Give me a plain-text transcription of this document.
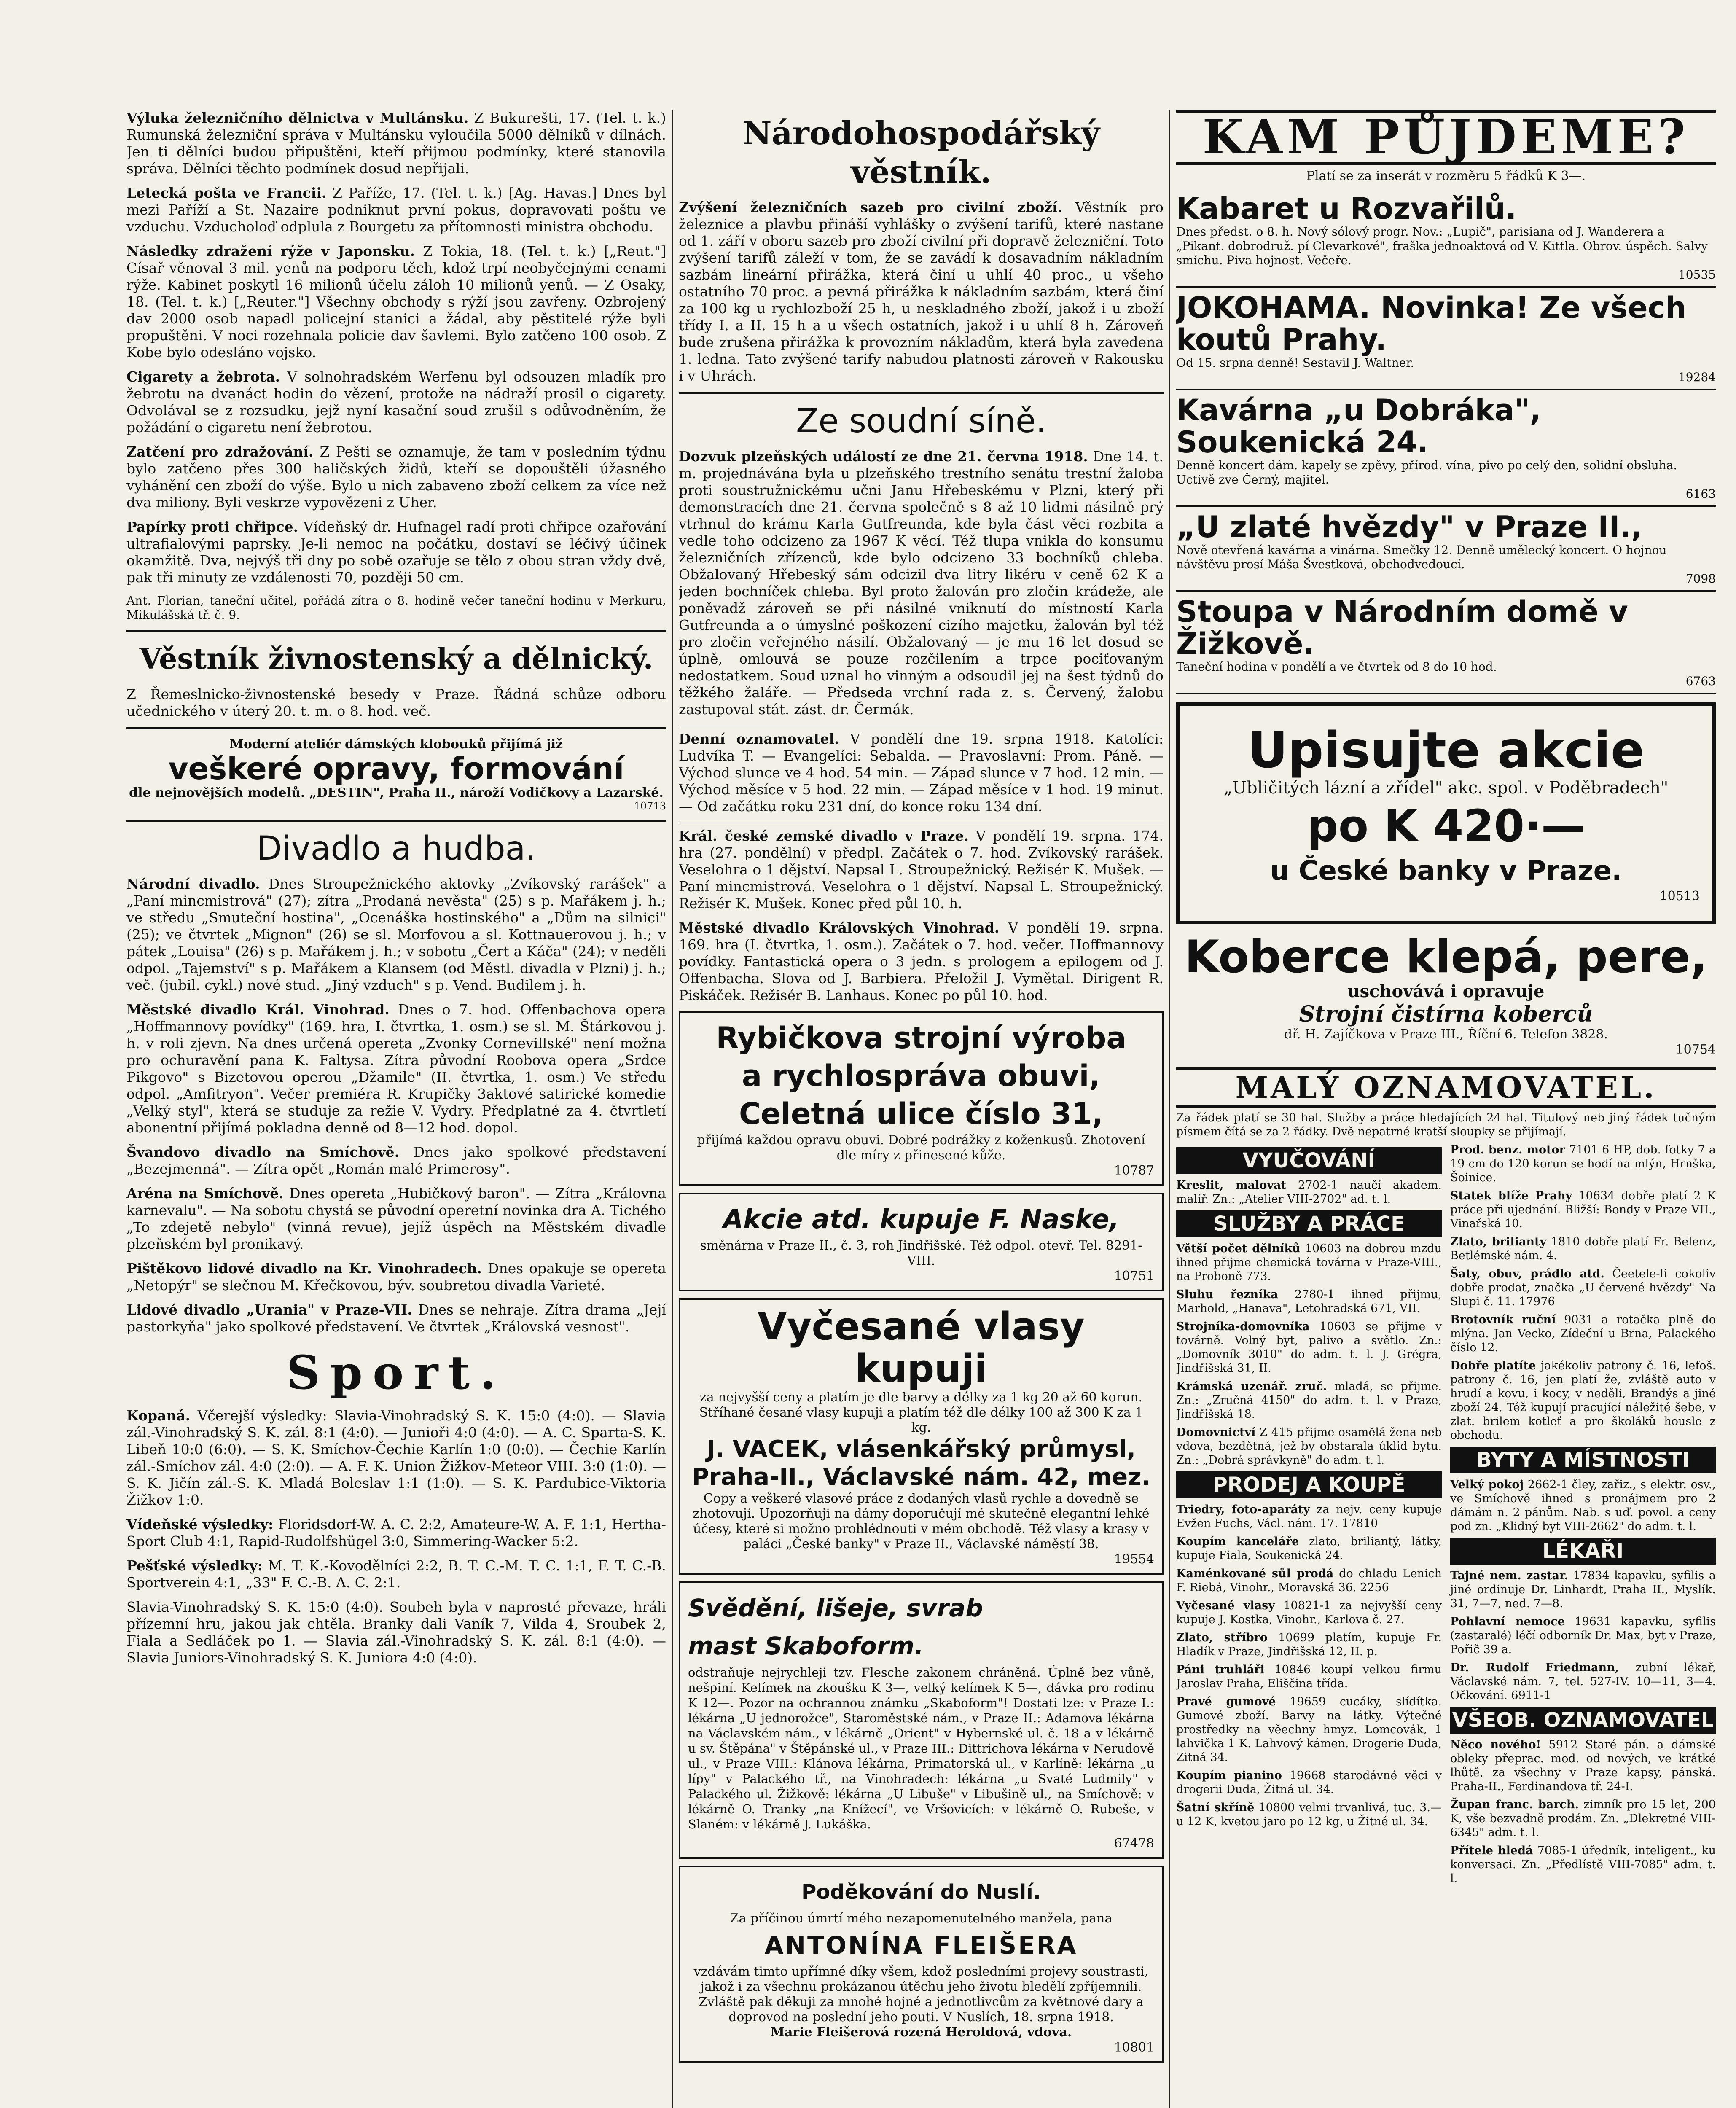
Výluka železničního dělnictva v Multánsku. Z Bukurešti, 17. (Tel. t. k.) Rumunská železniční správa v Multánsku vyloučila 5000 dělníků v dílnách. Jen ti dělníci budou připuštěni, kteří přijmou podmínky, které stanovila správa. Dělníci těchto podmínek dosud nepřijali.

Letecká pošta ve Francii. Z Paříže, 17. (Tel. t. k.) [Ag. Havas.] Dnes byl mezi Paříží a St. Nazaire podniknut první pokus, dopravovati poštu ve vzduchu. Vzducholoď odplula z Bourgetu za přítomnosti ministra obchodu.

Následky zdražení rýže v Japonsku. Z Tokia, 18. (Tel. t. k.) [„Reut."] Císař věnoval 3 mil. yenů na podporu těch, kdož trpí neobyčejnými cenami rýže. Kabinet poskytl 16 milionů účelu záloh 10 milionů yenů. — Z Osaky, 18. (Tel. t. k.) [„Reuter."] Všechny obchody s rýží jsou zavřeny. Ozbrojený dav 2000 osob napadl policejní stanici a žádal, aby pěstitelé rýže byli propuštěni. V noci rozehnala policie dav šavlemi. Bylo zatčeno 100 osob. Z Kobe bylo odesláno vojsko.

Cigarety a žebrota. V solnohradském Werfenu byl odsouzen mladík pro žebrotu na dvanáct hodin do vězení, protože na nádraží prosil o cigarety. Odvolával se z rozsudku, jejž nyní kasační soud zrušil s odůvodněním, že požádání o cigaretu není žebrotou.

Zatčení pro zdražování. Z Pešti se oznamuje, že tam v posledním týdnu bylo zatčeno přes 300 haličských židů, kteří se dopouštěli úžasného vyhánění cen zboží do výše. Bylo u nich zabaveno zboží celkem za více než dva miliony. Byli veskrze vypovězeni z Uher.

Papírky proti chřipce. Vídeňský dr. Hufnagel radí proti chřipce ozařování ultrafialovými paprsky. Je-li nemoc na počátku, dostaví se léčivý účinek okamžitě. Dva, nejvýš tři dny po sobě ozařuje se tělo z obou stran vždy dvě, pak tři minuty ze vzdálenosti 70, později 50 cm.

Ant. Florian, taneční učitel, pořádá zítra o 8. hodině večer taneční hodinu v Merkuru, Mikulášská tř. č. 9.

Věstník živnostenský a dělnický.

Z Řemeslnicko-živnostenské besedy v Praze. Řádná schůze odboru učednického v úterý 20. t. m. o 8. hod. več.

Moderní ateliér dámských klobouků přijímá již
veškeré opravy, formování
dle nejnovějších modelů. „DESTIN", Praha II., nároží Vodičkovy a Lazarské.
10713
Divadlo a hudba.

Národní divadlo. Dnes Stroupežnického aktovky „Zvíkovský rarášek" a „Paní mincmistrová" (27); zítra „Prodaná nevěsta" (25) s p. Mařákem j. h.; ve středu „Smuteční hostina", „Ocenáška hostinského" a „Dům na silnici" (25); ve čtvrtek „Mignon" (26) se sl. Morfovou a sl. Kottnauerovou j. h.; v pátek „Louisa" (26) s p. Mařákem j. h.; v sobotu „Čert a Káča" (24); v neděli odpol. „Tajemství" s p. Mařákem a Klansem (od Městl. divadla v Plzni) j. h.; več. (jubil. cykl.) nové stud. „Jiný vzduch" s p. Vend. Budilem j. h.

Městské divadlo Král. Vinohrad. Dnes o 7. hod. Offenbachova opera „Hoffmannovy povídky" (169. hra, I. čtvrtka, 1. osm.) se sl. M. Štárkovou j. h. v roli zjevn. Na dnes určená opereta „Zvonky Cornevillské" není možna pro ochuravění pana K. Faltysa. Zítra původní Roobova opera „Srdce Pikgovo" s Bizetovou operou „Džamile" (II. čtvrtka, 1. osm.) Ve středu odpol. „Amfitryon". Večer premiéra R. Krupičky 3aktové satirické komedie „Velký styl", která se studuje za režie V. Vydry. Předplatné za 4. čtvrtletí abonentní přijímá pokladna denně od 8—12 hod. dopol.

Švandovo divadlo na Smíchově. Dnes jako spolkové představení „Bezejmenná". — Zítra opět „Román malé Primerosy".

Aréna na Smíchově. Dnes opereta „Hubičkový baron". — Zítra „Královna karnevalu". — Na sobotu chystá se původní operetní novinka dra A. Tichého „To zdejetě nebylo" (vinná revue), jejíž úspěch na Městském divadle plzeňském byl pronikavý.

Pištěkovo lidové divadlo na Kr. Vinohradech. Dnes opakuje se opereta „Netopýr" se slečnou M. Křečkovou, býv. soubretou divadla Varieté.

Lidové divadlo „Urania" v Praze-VII. Dnes se nehraje. Zítra drama „Její pastorkyňa" jako spolkové představení. Ve čtvrtek „Královská vesnost".

Sport.

Kopaná. Včerejší výsledky: Slavia-Vinohradský S. K. 15:0 (4:0). — Slavia zál.-Vinohradský S. K. zál. 8:1 (4:0). — Junioři 4:0 (4:0). — A. C. Sparta-S. K. Libeň 10:0 (6:0). — S. K. Smíchov-Čechie Karlín 1:0 (0:0). — Čechie Karlín zál.-Smíchov zál. 4:0 (2:0). — A. F. K. Union Žižkov-Meteor VIII. 3:0 (1:0). — S. K. Jičín zál.-S. K. Mladá Boleslav 1:1 (1:0). — S. K. Pardubice-Viktoria Žižkov 1:0.

Vídeňské výsledky: Floridsdorf-W. A. C. 2:2, Amateure-W. A. F. 1:1, Hertha-Sport Club 4:1, Rapid-Rudolfshügel 3:0, Simmering-Wacker 5:2.

Pešťské výsledky: M. T. K.-Kovodělníci 2:2, B. T. C.-M. T. C. 1:1, F. T. C.-B. Sportverein 4:1, „33" F. C.-B. A. C. 2:1.

Slavia-Vinohradský S. K. 15:0 (4:0). Soubeh byla v naprosté převaze, hráli přízemní hru, jakou jak chtěla. Branky dali Vaník 7, Vilda 4, Sroubek 2, Fiala a Sedláček po 1. — Slavia zál.-Vinohradský S. K. zál. 8:1 (4:0). — Slavia Juniors-Vinohradský S. K. Juniora 4:0 (4:0).

Národohospodářský věstník.

Zvýšení železničních sazeb pro civilní zboží. Věstník pro železnice a plavbu přináší vyhlášky o zvýšení tarifů, které nastane od 1. září v oboru sazeb pro zboží civilní při dopravě železniční. Toto zvýšení tarifů záleží v tom, že se zavádí k dosavadním nákladním sazbám lineární přirážka, která činí u uhlí 40 proc., u všeho ostatního 70 proc. a pevná přirážka k nákladním sazbám, která činí za 100 kg u rychlozboží 25 h, u neskladného zboží, jakož i u zboží třídy I. a II. 15 h a u všech ostatních, jakož i u uhlí 8 h. Zároveň bude zrušena přirážka k provozním nákladům, která byla zavedena 1. ledna. Tato zvýšené tarify nabudou platnosti zároveň v Rakousku i v Uhrách.

Ze soudní síně.

Dozvuk plzeňských událostí ze dne 21. června 1918. Dne 14. t. m. projednávána byla u plzeňského trestního senátu trestní žaloba proti soustružnickému učni Janu Hřebeskému v Plzni, který při demonstracích dne 21. června společně s 8 až 10 lidmi násilně prý vtrhnul do krámu Karla Gutfreunda, kde byla část věci rozbita a vedle toho odcizeno za 1967 K věcí. Též tlupa vnikla do konsumu železničních zřízenců, kde bylo odcizeno 33 bochníků chleba. Obžalovaný Hřebeský sám odcizil dva litry likéru v ceně 62 K a jeden bochníček chleba. Byl proto žalován pro zločin krádeže, ale poněvadž zároveň se při násilné vniknutí do místností Karla Gutfreunda a o úmyslné poškození cizího majetku, žalován byl též pro zločin veřejného násilí. Obžalovaný — je mu 16 let dosud se úplně, omlouvá se pouze rozčilením a trpce pociťovaným nedostatkem. Soud uznal ho vinným a odsoudil jej na šest týdnů do těžkého žaláře. — Předseda vrchní rada z. s. Červený, žalobu zastupoval stát. zást. dr. Čermák.

Denní oznamovatel. V pondělí dne 19. srpna 1918. Katolíci: Ludvíka T. — Evangelíci: Sebalda. — Pravoslavní: Prom. Páně. — Východ slunce ve 4 hod. 54 min. — Západ slunce v 7 hod. 12 min. — Východ měsíce v 5 hod. 22 min. — Západ měsíce v 1 hod. 19 minut. — Od začátku roku 231 dní, do konce roku 134 dní.

Král. české zemské divadlo v Praze. V pondělí 19. srpna. 174. hra (27. pondělní) v předpl. Začátek o 7. hod. Zvíkovský rarášek. Veselohra o 1 dějství. Napsal L. Stroupežnický. Režisér K. Mušek. — Paní mincmistrová. Veselohra o 1 dějství. Napsal L. Stroupežnický. Režisér K. Mušek. Konec před půl 10. h.

Městské divadlo Královských Vinohrad. V pondělí 19. srpna. 169. hra (I. čtvrtka, 1. osm.). Začátek o 7. hod. večer. Hoffmannovy povídky. Fantastická opera o 3 jedn. s prologem a epilogem od J. Offenbacha. Slova od J. Barbiera. Přeložil J. Vymětal. Dirigent R. Piskáček. Režisér B. Lanhaus. Konec po půl 10. hod.

Rybičkova strojní výroba
a rychlospráva obuvi, Celetná ulice číslo 31,
přijímá každou opravu obuvi. Dobré podrážky z koženkusů. Zhotovení dle míry z přinesené kůže.
10787
Akcie atd. kupuje F. Naske,
směnárna v Praze II., č. 3, roh Jindřišské. Též odpol. otevř. Tel. 8291-VIII.
10751
Vyčesané vlasy kupuji
za nejvyšší ceny a platím je dle barvy a délky za 1 kg 20 až 60 korun. Stříhané česané vlasy kupuji a platím též dle délky 100 až 300 K za 1 kg.
J. VACEK, vlásenkářský průmysl, Praha-II., Václavské nám. 42, mez.
Copy a veškeré vlasové práce z dodaných vlasů rychle a dovedně se zhotovují. Upozorňuji na dámy doporučují mé skutečně elegantní lehké účesy, které si možno prohlédnouti v mém obchodě. Též vlasy a krasy v paláci „České banky" v Praze II., Václavské náměstí 38.
19554
Svědění, lišeje, svrab
mast Skaboform.

odstraňuje nejrychleji tzv. Flesche zakonem chráněná. Úplně bez vůně, nešpiní. Kelímek na zkoušku K 3—, velký kelímek K 5—, dávka pro rodinu K 12—. Pozor na ochrannou známku „Skaboform"! Dostati lze: v Praze I.: lékárna „U jednorožce", Staroměstské nám., v Praze II.: Adamova lékárna na Václavském nám., v lékárně „Orient" v Hybernské ul. č. 18 a v lékárně u sv. Štěpána" v Štěpánské ul., v Praze III.: Dittrichova lékárna v Nerudově ul., v Praze VIII.: Klánova lékárna, Primatorská ul., v Karlíně: lékárna „u lípy" v Palackého tř., na Vinohradech: lékárna „u Svaté Ludmily" v Palackého ul. Žižkově: lékárna „U Libuše" v Libušině ul., na Smíchově: v lékárně O. Tranky „na Knížecí", ve Vršovicích: v lékárně O. Rubeše, v Slaném: v lékárně J. Lukáška.

67478
Poděkování do Nuslí.
Za příčinou úmrtí mého nezapomenutelného manžela, pana
ANTONÍNA FLEIŠERA
vzdávám timto upřímné díky všem, kdož posledními projevy soustrasti, jakož i za všechnu prokázanou útěchu jeho životu bledělí zpříjemnili. Zvláště pak děkuji za mnohé hojné a jednotlivcům za květnové dary a doprovod na poslední jeho pouti. V Nuslích, 18. srpna 1918.
Marie Fleišerová rozená Heroldová, vdova.
10801
KAM PŮJDEME?
Platí se za inserát v rozměru 5 řádků K 3—.
Kabaret u Rozvařilů.
Dnes předst. o 8. h. Nový sólový progr. Nov.: „Lupič", parisiana od J. Wanderera a „Pikant. dobrodruž. pí Clevarkové", fraška jednoaktová od V. Kittla. Obrov. úspěch. Salvy smíchu. Piva hojnost. Večeře.
10535
JOKOHAMA. Novinka! Ze všech koutů Prahy.
Od 15. srpna denně! Sestavil J. Waltner.
19284
Kavárna „u Dobráka", Soukenická 24.
Denně koncert dám. kapely se zpěvy, přírod. vína, pivo po celý den, solidní obsluha. Uctivě zve Černý, majitel.
6163
„U zlaté hvězdy" v Praze II.,
Nově otevřená kavárna a vinárna. Smečky 12. Denně umělecký koncert. O hojnou návštěvu prosí Máša Švestková, obchodvedoucí.
7098
Stoupa v Národním domě v Žižkově.
Taneční hodina v pondělí a ve čtvrtek od 8 do 10 hod.
6763
Upisujte akcie
„Ubličitých lázní a zřídel" akc. spol. v Poděbradech"
po K 420·—
u České banky v Praze.
10513
Koberce klepá, pere,
uschovává i opravuje
Strojní čistírna koberců
dř. H. Zajíčkova v Praze III., Říční 6. Telefon 3828.
10754
MALÝ OZNAMOVATEL.

Za řádek platí se 30 hal. Služby a práce hledajících 24 hal. Titulový neb jiný řádek tučným písmem čítá se za 2 řádky. Dvě nepatrné kratší sloupky se přijímají.

VYUČOVÁNÍ

Kreslit, malovat 2702-1 naučí akadem. malíř. Zn.: „Atelier VIII-2702" ad. t. l.

SLUŽBY A PRÁCE

Větší počet dělníků 10603 na dobrou mzdu ihned přijme chemická továrna v Praze-VIII., na Proboně 773.

Sluhu řezníka 2780-1 ihned přijmu, Marhold, „Hanava", Letohradská 671, VII.

Strojníka-domovníka 10603 se přijme v továrně. Volný byt, palivo a světlo. Zn.: „Domovník 3010" do adm. t. l. J. Grégra, Jindřišská 31, II.

Krámská uzenář. zruč. mladá, se přijme. Zn.: „Zručná 4150" do adm. t. l. v Praze, Jindřišská 18.

Domovnictví Z 415 přijme osamělá žena neb vdova, bezdětná, jež by obstarala úklid bytu. Zn.: „Dobrá správkyně" do adm. t. l.

PRODEJ A KOUPĚ

Triedry, foto-aparáty za nejv. ceny kupuje Evžen Fuchs, Václ. nám. 17. 17810

Koupím kanceláře zlato, briliantý, látky, kupuje Fiala, Soukenická 24.

Kaménkované sůl prodá do chladu Lenich F. Riebá, Vinohr., Moravská 36. 2256

Vyčesané vlasy 10821-1 za nejvyšší ceny kupuje J. Kostka, Vinohr., Karlova č. 27.

Zlato, stříbro 10699 platím, kupuje Fr. Hladík v Praze, Jindřišská 12, II. p.

Páni truhláři 10846 koupí velkou firmu Jaroslav Praha, Eliščina třída.

Pravé gumové 19659 cucáky, slídítka. Gumové zboží. Barvy na látky. Výtečné prostředky na věechny hmyz. Lomcovák, 1 lahvička 1 K. Lahvový kámen. Drogerie Duda, Zitná 34.

Koupím pianino 19668 starodávné věci v drogerii Duda, Žitná ul. 34.

Šatní skříně 10800 velmi trvanlivá, tuc. 3.— u 12 K, kvetou jaro po 12 kg, u Žitné ul. 34.

Prod. benz. motor 7101 6 HP, dob. fotky 7 a 19 cm do 120 korun se hodí na mlýn, Hrnška, Šoinice.

Statek blíže Prahy 10634 dobře platí 2 K práce při ujednání. Bližší: Bondy v Praze VII., Vinařská 10.

Zlato, brilianty 1810 dobře platí Fr. Belenz, Betlémské nám. 4.

Šaty, obuv, prádlo atd. Čeetele-li cokoliv dobře prodat, značka „U červené hvězdy" Na Slupi č. 11. 17976

Brotovník ruční 9031 a rotačka plně do mlýna. Jan Vecko, Zídeční u Brna, Palackého číslo 12.

Dobře platíte jakékoliv patrony č. 16, lefoš. patrony č. 16, jen platí že, zvláště auto v hrudí a kovu, i kocy, v neděli, Brandýs a jiné zboží 24. Též kupují pracující náležité šebe, v zlat. brilem kotleť a pro školáků housle z obchodu.

BYTY A MÍSTNOSTI

Velký pokoj 2662-1 čley, zařiz., s elektr. osv., ve Smíchově ihned s pronájmem pro 2 dámám n. 2 pánům. Nab. s uď. povol. a ceny pod zn. „Klidný byt VIII-2662" do adm. t. l.

LÉKAŘI

Tajné nem. zastar. 17834 kapavku, syfilis a jiné ordinuje Dr. Linhardt, Praha II., Myslík. 31, 7—7, ned. 7—8.

Pohlavní nemoce 19631 kapavku, syfilis (zastaralé) léčí odborník Dr. Max, byt v Praze, Pořič 39 a.

Dr. Rudolf Friedmann, zubní lékař, Václavské nám. 7, tel. 527-IV. 10—11, 3—4. Očkování. 6911-1

VŠEOB. OZNAMOVATEL

Něco nového! 5912 Staré pán. a dámské obleky přeprac. mod. od nových, ve krátké lhůtě, za všechny v Praze kapsy, pánská. Praha-II., Ferdinandova tř. 24-I.

Župan franc. barch. zimník pro 15 let, 200 K, vše bezvadně prodám. Zn. „Dlekretné VIII-6345" adm. t. l.

Přítele hledá 7085-1 úředník, inteligent., ku konversaci. Zn. „Předlístě VIII-7085" adm. t. l.
